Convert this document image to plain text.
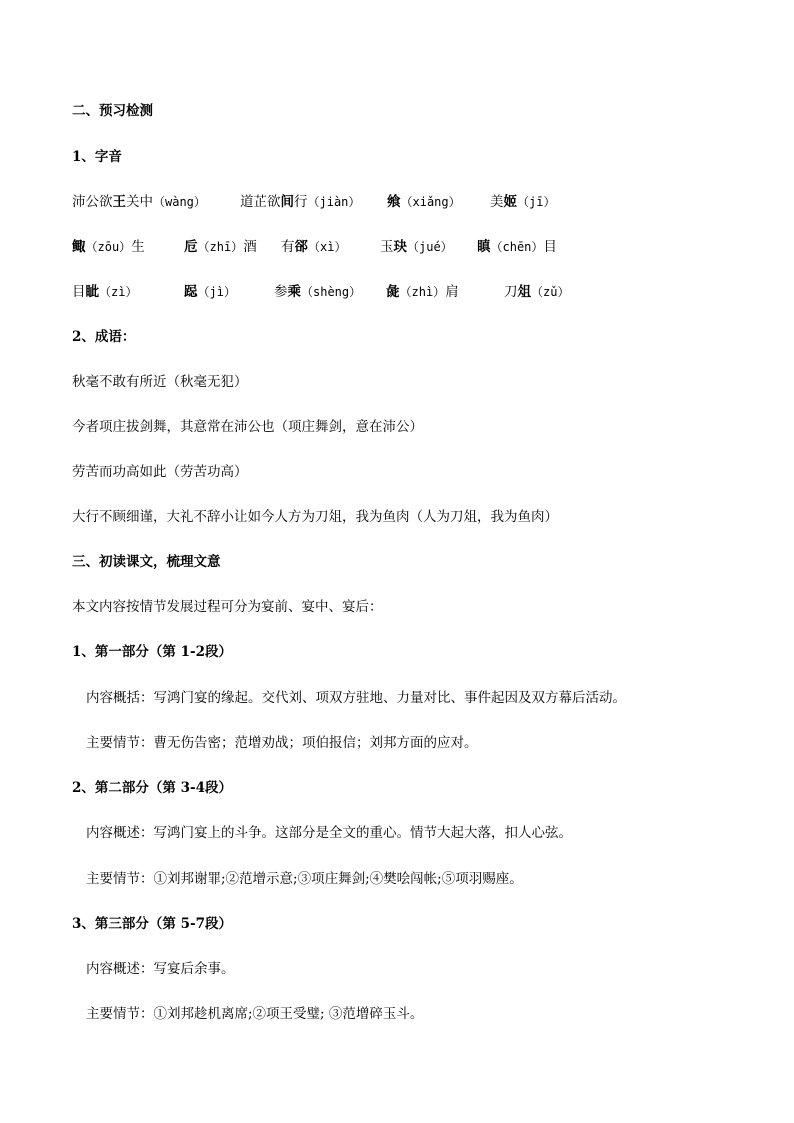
二、预习检测
1、字音
沛公欲王关中（wàng）	道芷欲间行（jiàn） 飨（xiǎng） 美姬（jī）
鲰（zōu）生	卮（zhī）酒 有郤（xì） 玉玦（jué） 瞋（chēn）目
目眦（zì）	跽（jì）	参乘（shèng） 彘（zhì）肩	刀俎（zǔ）
2、成语：
秋毫不敢有所近（秋毫无犯）
今者项庄拔剑舞，其意常在沛公也（项庄舞剑，意在沛公）
劳苦而功高如此（劳苦功高）
大行不顾细谨，大礼不辞小让如今人方为刀俎，我为鱼肉（人为刀俎，我为鱼肉）
三、初读课文，梳理文意
本文内容按情节发展过程可分为宴前、宴中、宴后：
1、第一部分（第 1-2段）
内容概括：写鸿门宴的缘起。交代刘、项双方驻地、力量对比、事件起因及双方幕后活动。
主要情节：曹无伤告密；范增劝战；项伯报信；刘邦方面的应对。
2、第二部分（第 3-4段）
内容概述：写鸿门宴上的斗争。这部分是全文的重心。情节大起大落，扣人心弦。
主要情节：①刘邦谢罪;②范增示意;③项庄舞剑;④樊哙闯帐;⑤项羽赐座。
3、第三部分（第 5-7段）
内容概述：写宴后余事。
主要情节：①刘邦趁机离席;②项王受璧; ③范增碎玉斗。
